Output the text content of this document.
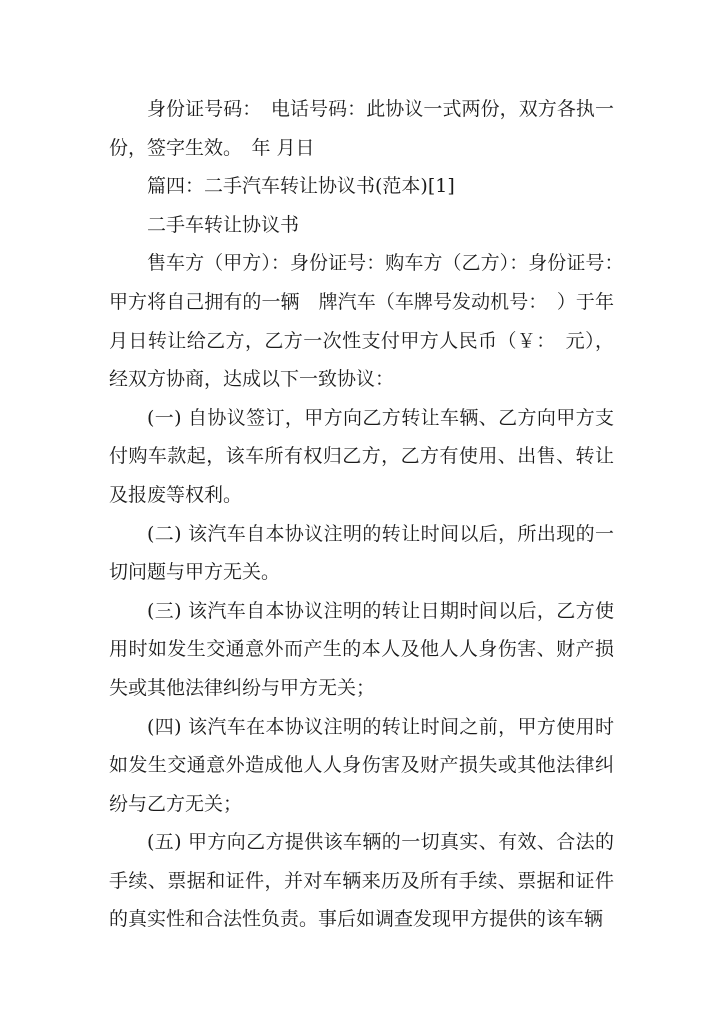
身份证号码：　电话号码：此协议一式两份，双方各执一份，签字生效。　年 月日

篇四：二手汽车转让协议书(范本)[1]

二手车转让协议书

售车方（甲方）：身份证号：购车方（乙方）：身份证号：　甲方将自己拥有的一辆　牌汽车（车牌号发动机号：　）于年 月日转让给乙方，乙方一次性支付甲方人民币（￥：　元），经双方协商，达成以下一致协议：

(一) 自协议签订，甲方向乙方转让车辆、乙方向甲方支付购车款起，该车所有权归乙方，乙方有使用、出售、转让及报废等权利。

(二) 该汽车自本协议注明的转让时间以后，所出现的一切问题与甲方无关。

(三) 该汽车自本协议注明的转让日期时间以后，乙方使用时如发生交通意外而产生的本人及他人人身伤害、财产损失或其他法律纠纷与甲方无关；

(四) 该汽车在本协议注明的转让时间之前，甲方使用时如发生交通意外造成他人人身伤害及财产损失或其他法律纠纷与乙方无关；

(五) 甲方向乙方提供该车辆的一切真实、有效、合法的手续、票据和证件，并对车辆来历及所有手续、票据和证件的真实性和合法性负责。事后如调查发现甲方提供的该车辆
